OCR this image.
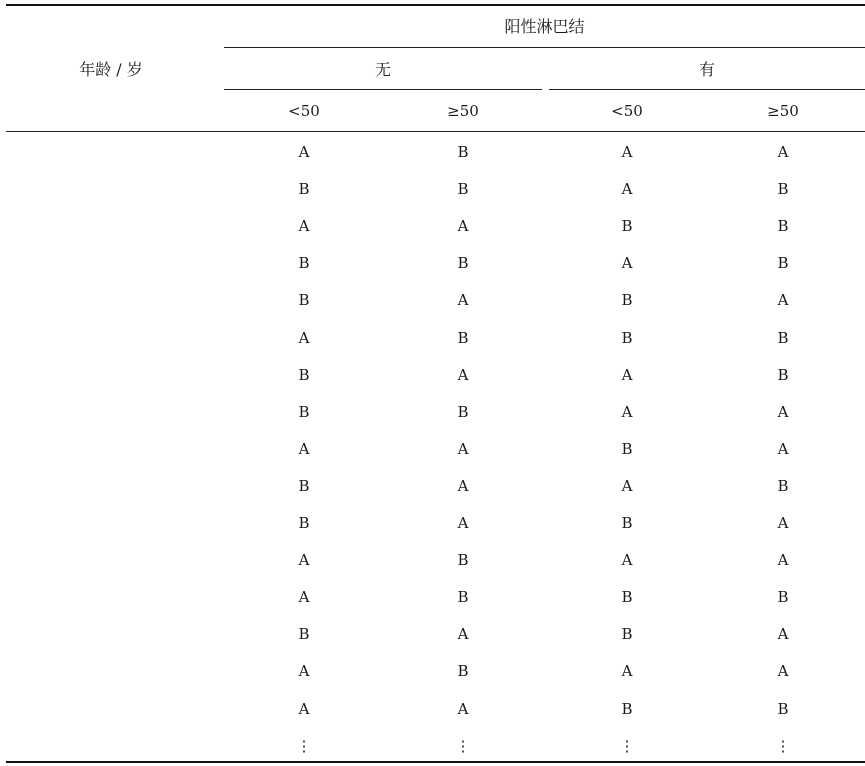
年龄 / 岁
阳性淋巴结
无	有
<50	≥50	<50	≥50
A	B	A	A
B	B	A	B
A	A	B	B
B	B	A	B
B	A	B	A
A	B	B	B
B	A	A	B
B	B	A	A
A	A	B	A
B	A	A	B
B	A	B	A
A	B	A	A
A	B	B	B
B	A	B	A
A	B	A	A
A	A	B	B
⋮	⋮	⋮	⋮
